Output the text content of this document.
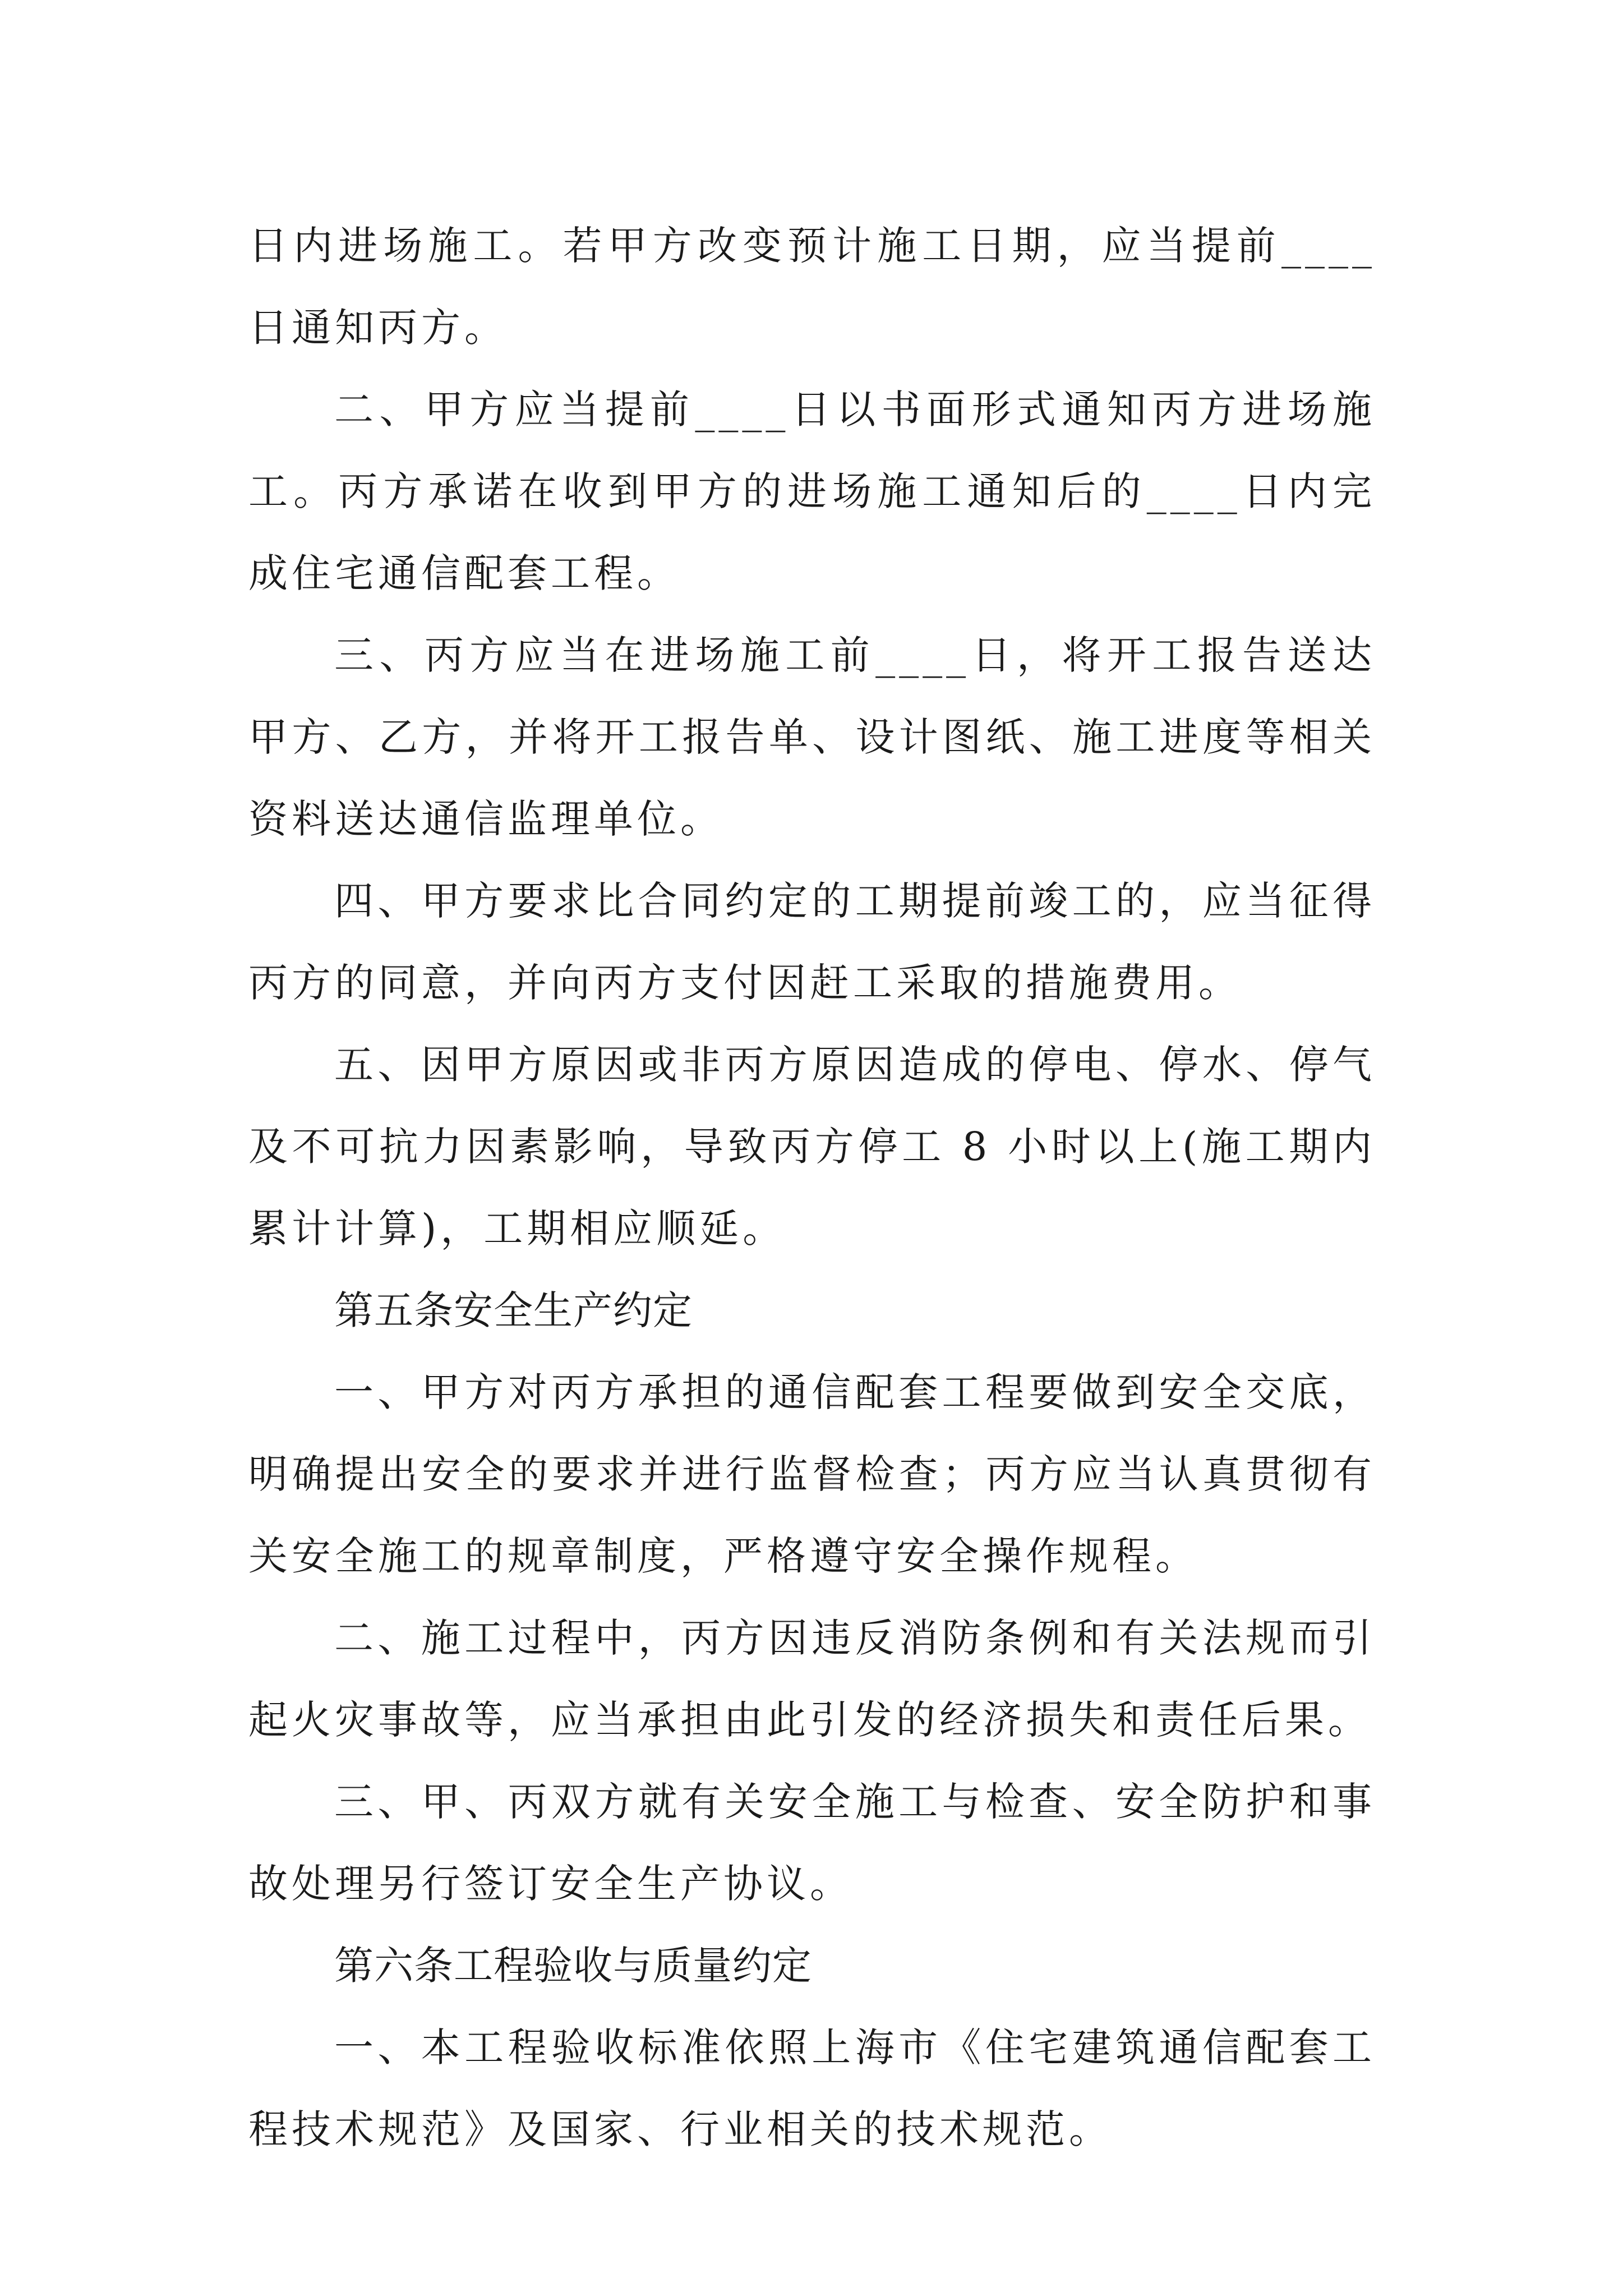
日内进场施工。若甲方改变预计施工日期，应当提前____日通知丙方。

二、甲方应当提前____日以书面形式通知丙方进场施工。丙方承诺在收到甲方的进场施工通知后的____日内完成住宅通信配套工程。

三、丙方应当在进场施工前____日，将开工报告送达甲方、乙方，并将开工报告单、设计图纸、施工进度等相关资料送达通信监理单位。

四、甲方要求比合同约定的工期提前竣工的，应当征得丙方的同意，并向丙方支付因赶工采取的措施费用。

五、因甲方原因或非丙方原因造成的停电、停水、停气及不可抗力因素影响，导致丙方停工 8 小时以上(施工期内累计计算)，工期相应顺延。

第五条安全生产约定

一、甲方对丙方承担的通信配套工程要做到安全交底，明确提出安全的要求并进行监督检查；丙方应当认真贯彻有关安全施工的规章制度，严格遵守安全操作规程。

二、施工过程中，丙方因违反消防条例和有关法规而引起火灾事故等，应当承担由此引发的经济损失和责任后果。

三、甲、丙双方就有关安全施工与检查、安全防护和事故处理另行签订安全生产协议。

第六条工程验收与质量约定

一、本工程验收标准依照上海市《住宅建筑通信配套工程技术规范》及国家、行业相关的技术规范。
